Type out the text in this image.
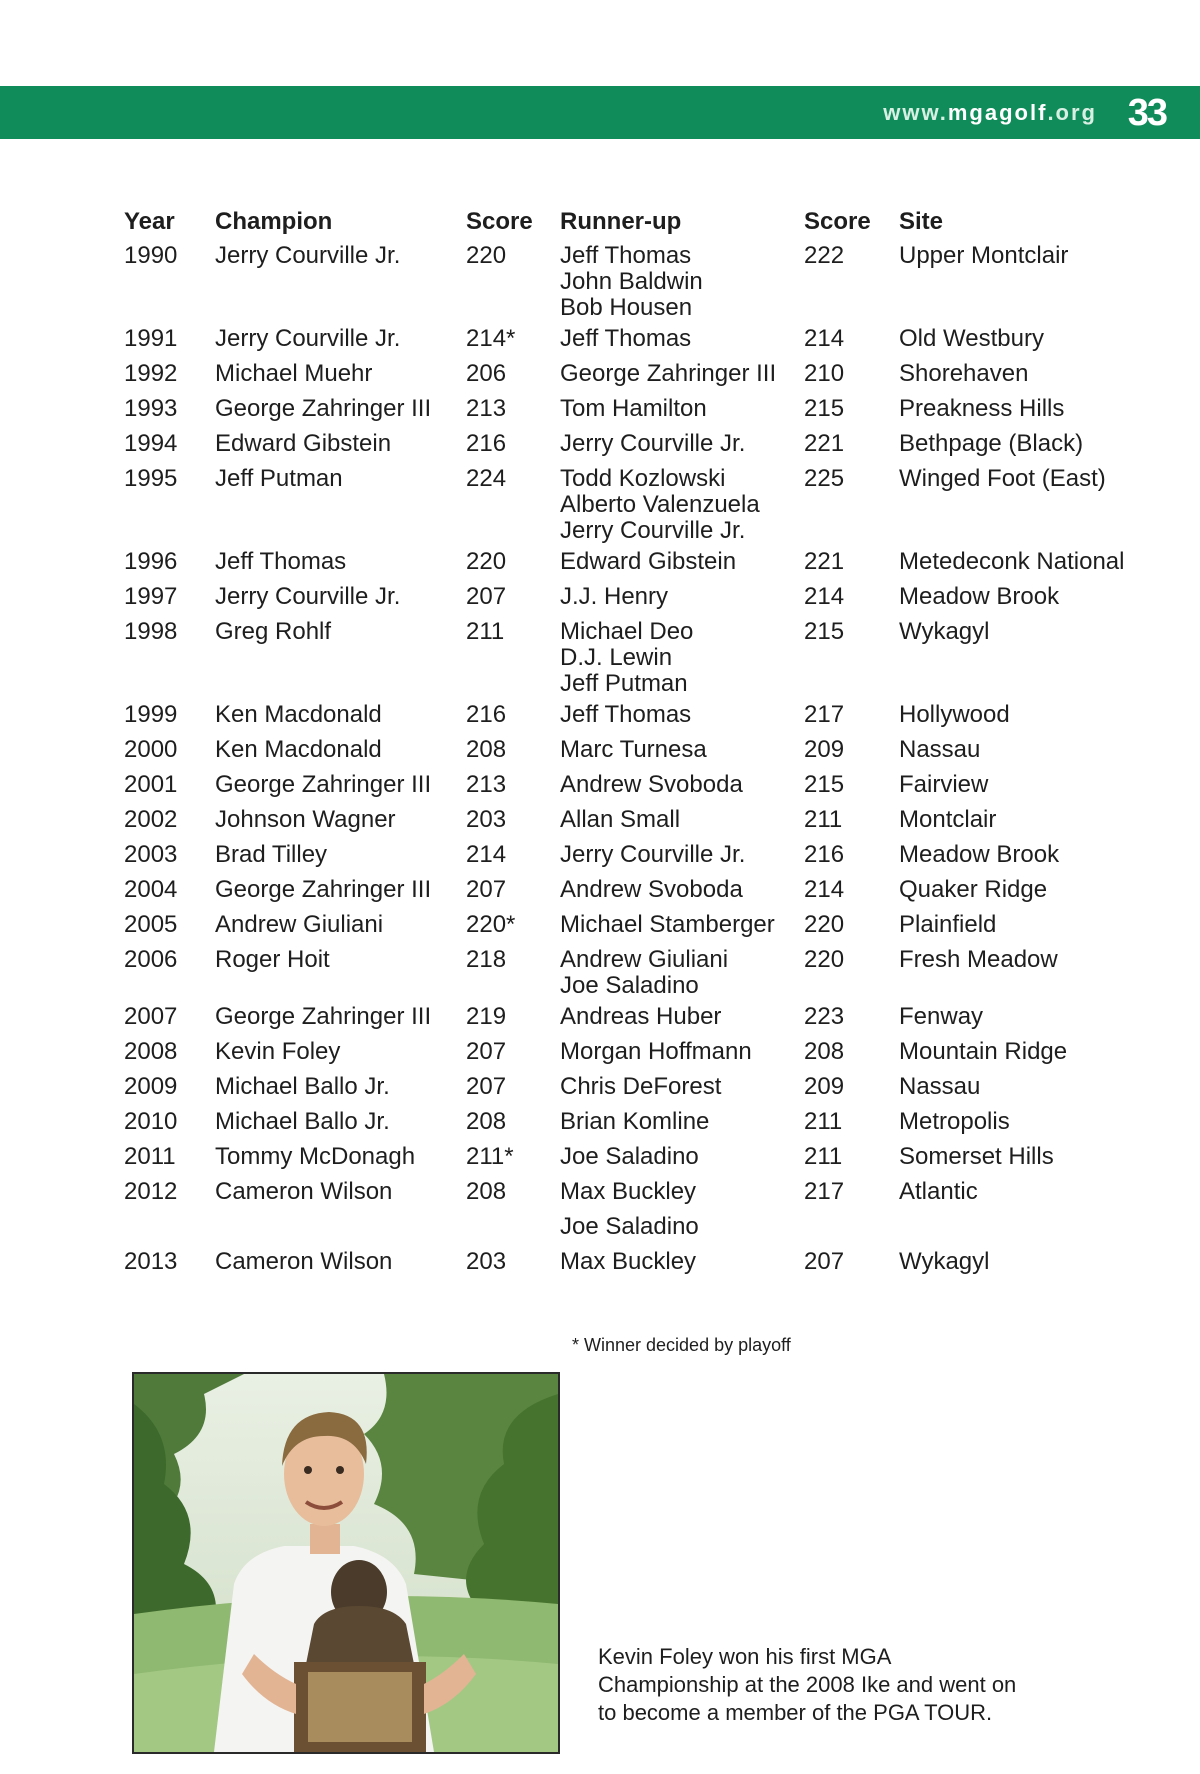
www.mgagolf.org 33
Year	Champion	Score	Runner-up	Score	Site
1990	Jerry Courville Jr.	220	Jeff Thomas
John Baldwin
Bob Housen	222	Upper Montclair
1991	Jerry Courville Jr.	214*	Jeff Thomas	214	Old Westbury
1992	Michael Muehr	206	George Zahringer III	210	Shorehaven
1993	George Zahringer III	213	Tom Hamilton	215	Preakness Hills
1994	Edward Gibstein	216	Jerry Courville Jr.	221	Bethpage (Black)
1995	Jeff Putman	224	Todd Kozlowski
Alberto Valenzuela
Jerry Courville Jr.	225	Winged Foot (East)
1996	Jeff Thomas	220	Edward Gibstein	221	Metedeconk National
1997	Jerry Courville Jr.	207	J.J. Henry	214	Meadow Brook
1998	Greg Rohlf	211	Michael Deo
D.J. Lewin
Jeff Putman	215	Wykagyl
1999	Ken Macdonald	216	Jeff Thomas	217	Hollywood
2000	Ken Macdonald	208	Marc Turnesa	209	Nassau
2001	George Zahringer III	213	Andrew Svoboda	215	Fairview
2002	Johnson Wagner	203	Allan Small	211	Montclair
2003	Brad Tilley	214	Jerry Courville Jr.	216	Meadow Brook
2004	George Zahringer III	207	Andrew Svoboda	214	Quaker Ridge
2005	Andrew Giuliani	220*	Michael Stamberger	220	Plainfield
2006	Roger Hoit	218	Andrew Giuliani
Joe Saladino	220	Fresh Meadow
2007	George Zahringer III	219	Andreas Huber	223	Fenway
2008	Kevin Foley	207	Morgan Hoffmann	208	Mountain Ridge
2009	Michael Ballo Jr.	207	Chris DeForest	209	Nassau
2010	Michael Ballo Jr.	208	Brian Komline	211	Metropolis
2011	Tommy McDonagh	211*	Joe Saladino	211	Somerset Hills
2012	Cameron Wilson	208	Max Buckley	217	Atlantic

			Joe Saladino		

2013	Cameron Wilson	203	Max Buckley	207	Wykagyl
* Winner decided by playoff
Kevin Foley won his first MGA Championship at the 2008 Ike and went on to become a member of the PGA TOUR.
